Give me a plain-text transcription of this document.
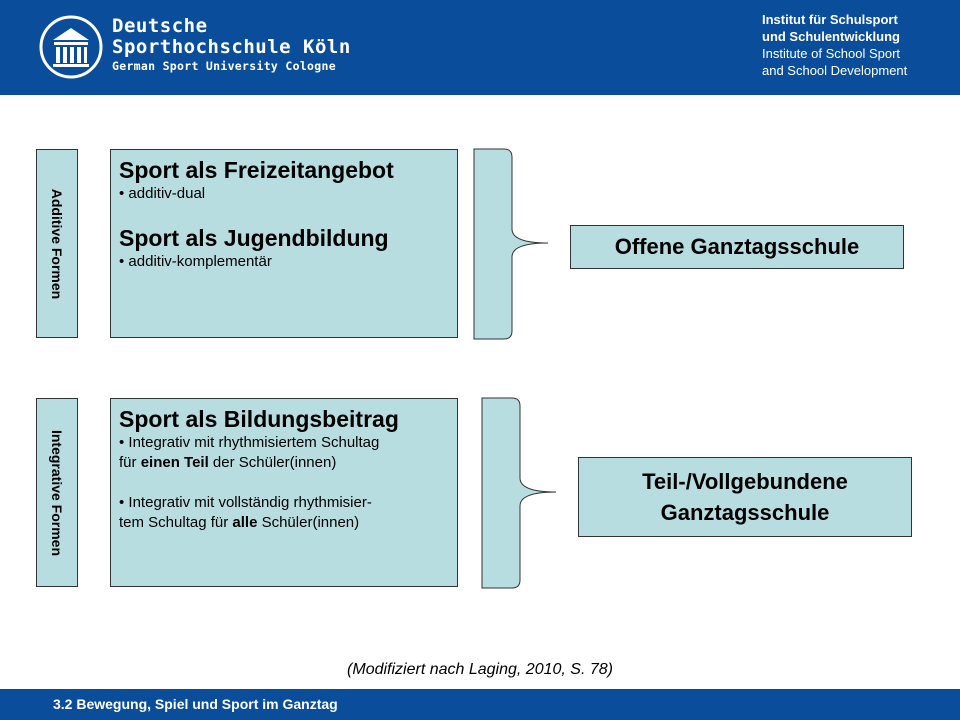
Deutsche
Sporthochschule Köln
German Sport University Cologne
Institut für Schulsport
und Schulentwicklung
Institute of School Sport
and School Development
Additive Formen
Sport als Freizeitangebot
• additiv-dual
Sport als Jugendbildung
• additiv-komplementär
Offene Ganztagsschule
Integrative Formen
Sport als Bildungsbeitrag
• Integrativ mit rhythmisiertem Schultag
für einen Teil der Schüler(innen)
• Integrativ mit vollständig rhythmisier-
tem Schultag für alle Schüler(innen)
Teil-/Vollgebundene
Ganztagsschule
(Modifiziert nach Laging, 2010, S. 78)
3.2 Bewegung, Spiel und Sport im Ganztag
